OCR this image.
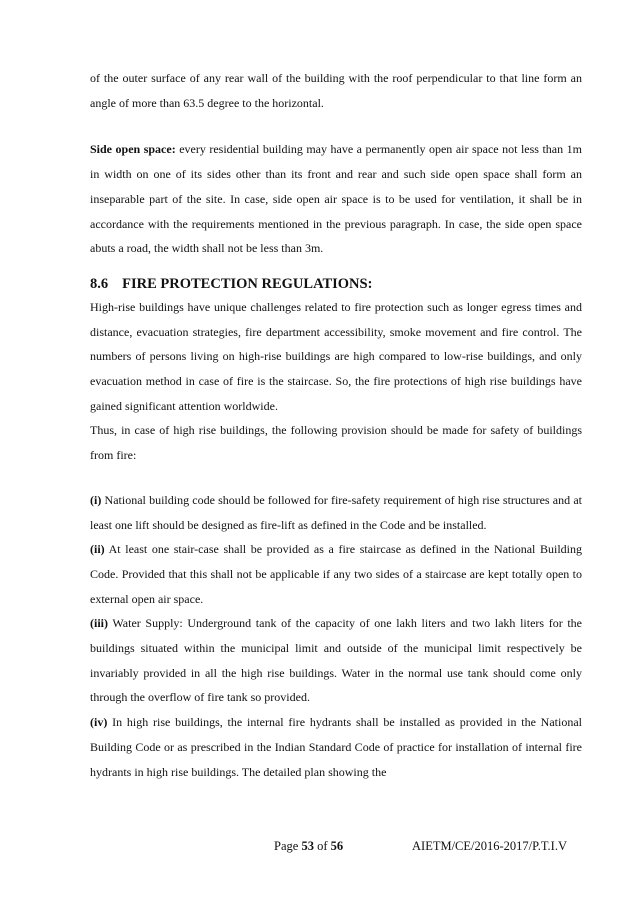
of the outer surface of any rear wall of the building with the roof perpendicular to that line form an angle of more than 63.5 degree to the horizontal.

Side open space: every residential building may have a permanently open air space not less than 1m in width on one of its sides other than its front and rear and such side open space shall form an inseparable part of the site. In case, side open air space is to be used for ventilation, it shall be in accordance with the requirements mentioned in the previous paragraph. In case, the side open space abuts a road, the width shall not be less than 3m.

8.6 FIRE PROTECTION REGULATIONS:

High-rise buildings have unique challenges related to fire protection such as longer egress times and distance, evacuation strategies, fire department accessibility, smoke movement and fire control. The numbers of persons living on high-rise buildings are high compared to low-rise buildings, and only evacuation method in case of fire is the staircase. So, the fire protections of high rise buildings have gained significant attention worldwide.

Thus, in case of high rise buildings, the following provision should be made for safety of buildings from fire:

(i) National building code should be followed for fire-safety requirement of high rise structures and at least one lift should be designed as fire-lift as defined in the Code and be installed.

(ii) At least one stair-case shall be provided as a fire staircase as defined in the National Building Code. Provided that this shall not be applicable if any two sides of a staircase are kept totally open to external open air space.

(iii) Water Supply: Underground tank of the capacity of one lakh liters and two lakh liters for the buildings situated within the municipal limit and outside of the municipal limit respectively be invariably provided in all the high rise buildings. Water in the normal use tank should come only through the overflow of fire tank so provided.

(iv) In high rise buildings, the internal fire hydrants shall be installed as provided in the National Building Code or as prescribed in the Indian Standard Code of practice for installation of internal fire hydrants in high rise buildings. The detailed plan showing the

Page 53 of 56	AIETM/CE/2016-2017/P.T.I.V
